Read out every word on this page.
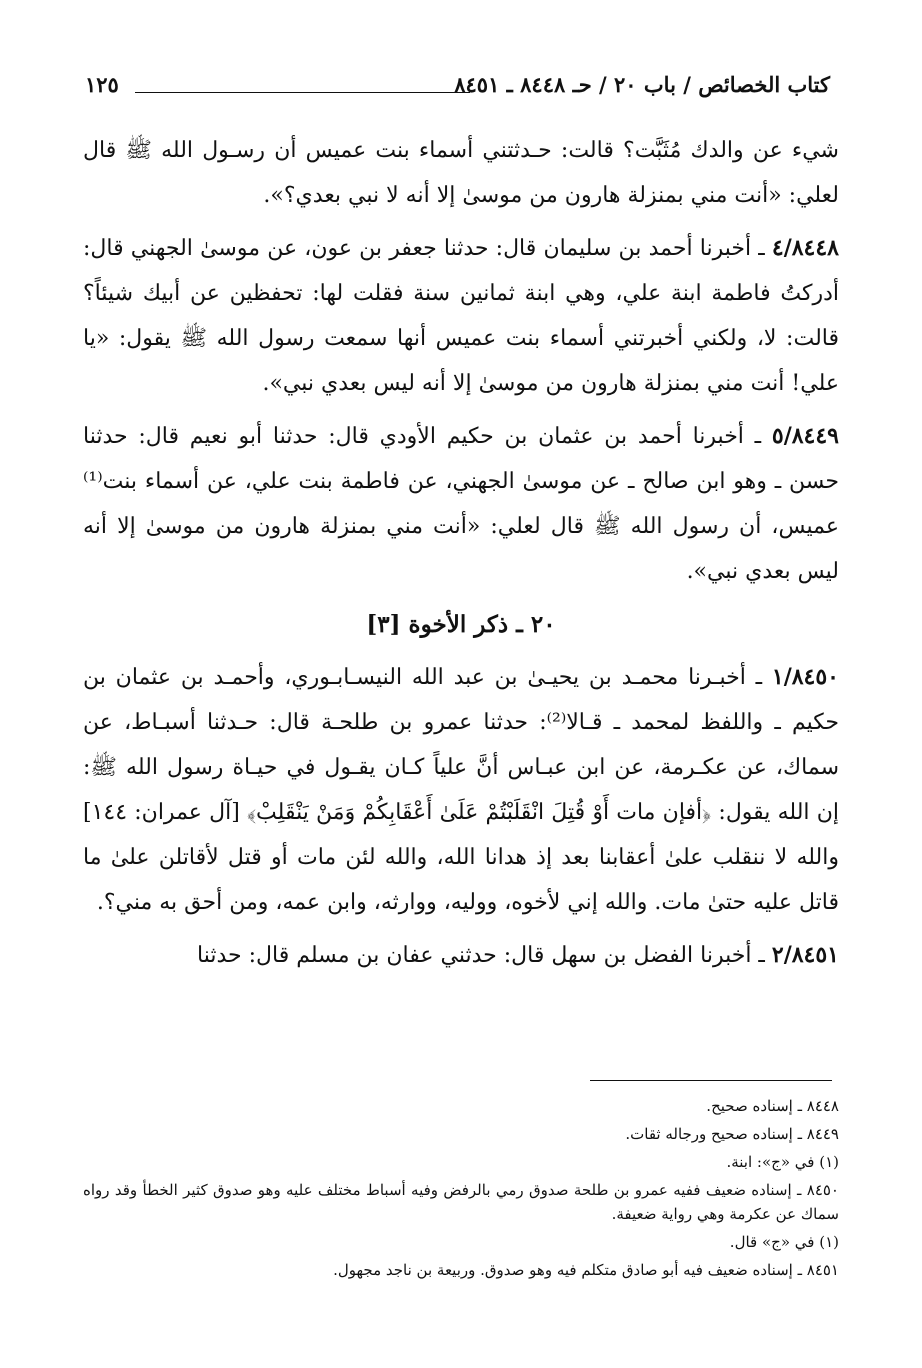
كتاب الخصائص / باب ٢٠ / حـ ٨٤٤٨ ـ ٨٤٥١
١٢٥

شيء عن والدك مُثَبَّت؟ قالت: حـدثتني أسماء بنت عميس أن رسـول الله ﷺ قال لعلي: «أنت مني بمنزلة هارون من موسىٰ إلا أنه لا نبي بعدي؟».

٤/٨٤٤٨ ـ أخبرنا أحمد بن سليمان قال: حدثنا جعفر بن عون، عن موسىٰ الجهني قال: أدركتُ فاطمة ابنة علي، وهي ابنة ثمانين سنة فقلت لها: تحفظين عن أبيك شيئاً؟ قالت: لا، ولكني أخبرتني أسماء بنت عميس أنها سمعت رسول الله ﷺ يقول: «يا علي! أنت مني بمنزلة هارون من موسىٰ إلا أنه ليس بعدي نبي».

٥/٨٤٤٩ ـ أخبرنا أحمد بن عثمان بن حكيم الأودي قال: حدثنا أبو نعيم قال: حدثنا حسن ـ وهو ابن صالح ـ عن موسىٰ الجهني، عن فاطمة بنت علي، عن أسماء بنت⁽¹⁾ عميس، أن رسول الله ﷺ قال لعلي: «أنت مني بمنزلة هارون من موسىٰ إلا أنه ليس بعدي نبي».

٢٠ ـ ذكر الأخوة [٣]

١/٨٤٥٠ ـ أخبـرنا محمـد بن يحيـىٰ بن عبد الله النيسـابـوري، وأحمـد بن عثمان بن حكيم ـ واللفظ لمحمد ـ قـالا⁽²⁾: حدثنا عمرو بن طلحـة قال: حـدثنا أسبـاط، عن سماك، عن عكـرمة، عن ابن عبـاس أنَّ علياً كـان يقـول في حيـاة رسول الله ﷺ: إن الله يقول: ﴿أفإن مات أَوْ قُتِلَ انْقَلَبْتُمْ عَلَىٰ أَعْقَابِكُمْ وَمَنْ يَنْقَلِبْ﴾ [آل عمران: ١٤٤] والله لا ننقلب علىٰ أعقابنا بعد إذ هدانا الله، والله لئن مات أو قتل لأقاتلن علىٰ ما قاتل عليه حتىٰ مات. والله إني لأخوه، ووليه، ووارثه، وابن عمه، ومن أحق به مني؟.

٢/٨٤٥١ ـ أخبرنا الفضل بن سهل قال: حدثني عفان بن مسلم قال: حدثنا

٨٤٤٨ ـ إسناده صحيح.

٨٤٤٩ ـ إسناده صحيح ورجاله ثقات.

(١) في «ج»: ابنة.

٨٤٥٠ ـ إسناده ضعيف ففيه عمرو بن طلحة صدوق رمي بالرفض وفيه أسباط مختلف عليه وهو صدوق كثير الخطأ وقد رواه سماك عن عكرمة وهي رواية ضعيفة.

(١) في «ج» قال.

٨٤٥١ ـ إسناده ضعيف فيه أبو صادق متكلم فيه وهو صدوق. وربيعة بن ناجد مجهول.
